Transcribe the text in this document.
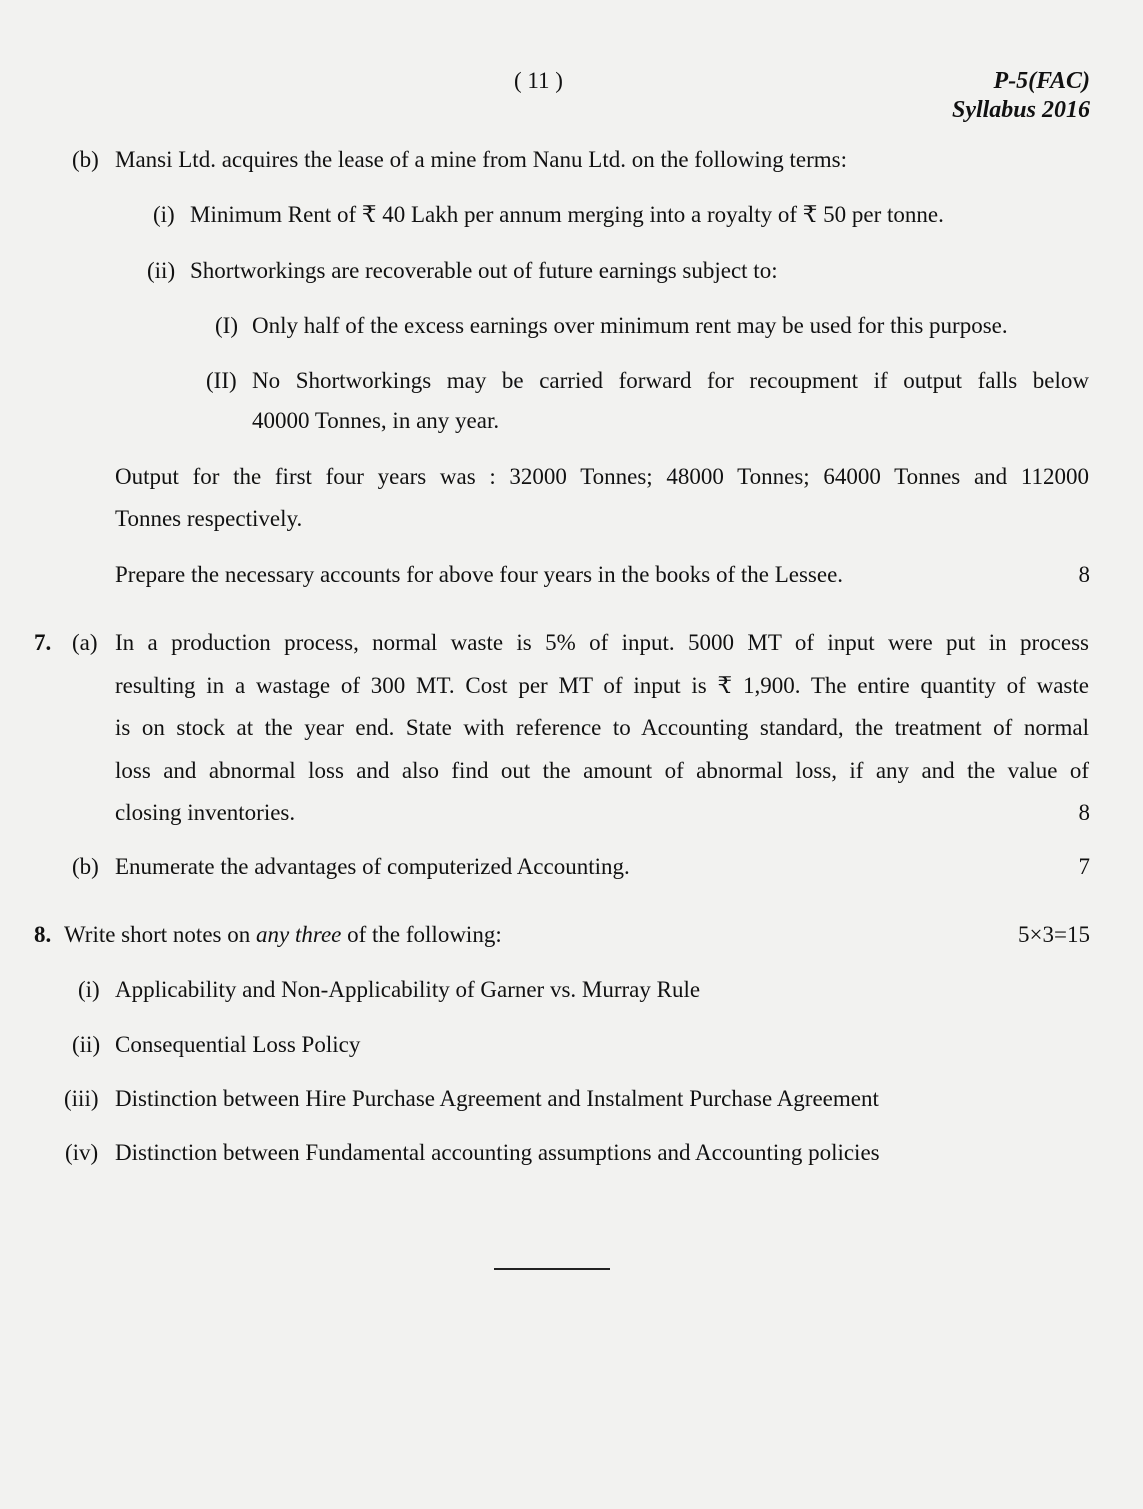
( 11 )	P-5(FAC)
Syllabus 2016
(b) Mansi Ltd. acquires the lease of a mine from Nanu Ltd. on the following terms:
(i) Minimum Rent of ₹ 40 Lakh per annum merging into a royalty of ₹ 50 per tonne.
(ii) Shortworkings are recoverable out of future earnings subject to:
(I) Only half of the excess earnings over minimum rent may be used for this purpose.
(II) No Shortworkings may be carried forward for recoupment if output falls below
40000 Tonnes, in any year.
Output for the first four years was : 32000 Tonnes; 48000 Tonnes; 64000 Tonnes and 112000
Tonnes respectively.
Prepare the necessary accounts for above four years in the books of the Lessee.	8
7. (a) In a production process, normal waste is 5% of input. 5000 MT of input were put in process
resulting in a wastage of 300 MT. Cost per MT of input is ₹ 1,900. The entire quantity of waste
is on stock at the year end. State with reference to Accounting standard, the treatment of normal
loss and abnormal loss and also find out the amount of abnormal loss, if any and the value of
closing inventories.	8
(b) Enumerate the advantages of computerized Accounting.	7
8. Write short notes on any three of the following:	5×3=15
(i) Applicability and Non-Applicability of Garner vs. Murray Rule
(ii) Consequential Loss Policy
(iii) Distinction between Hire Purchase Agreement and Instalment Purchase Agreement
(iv) Distinction between Fundamental accounting assumptions and Accounting policies
